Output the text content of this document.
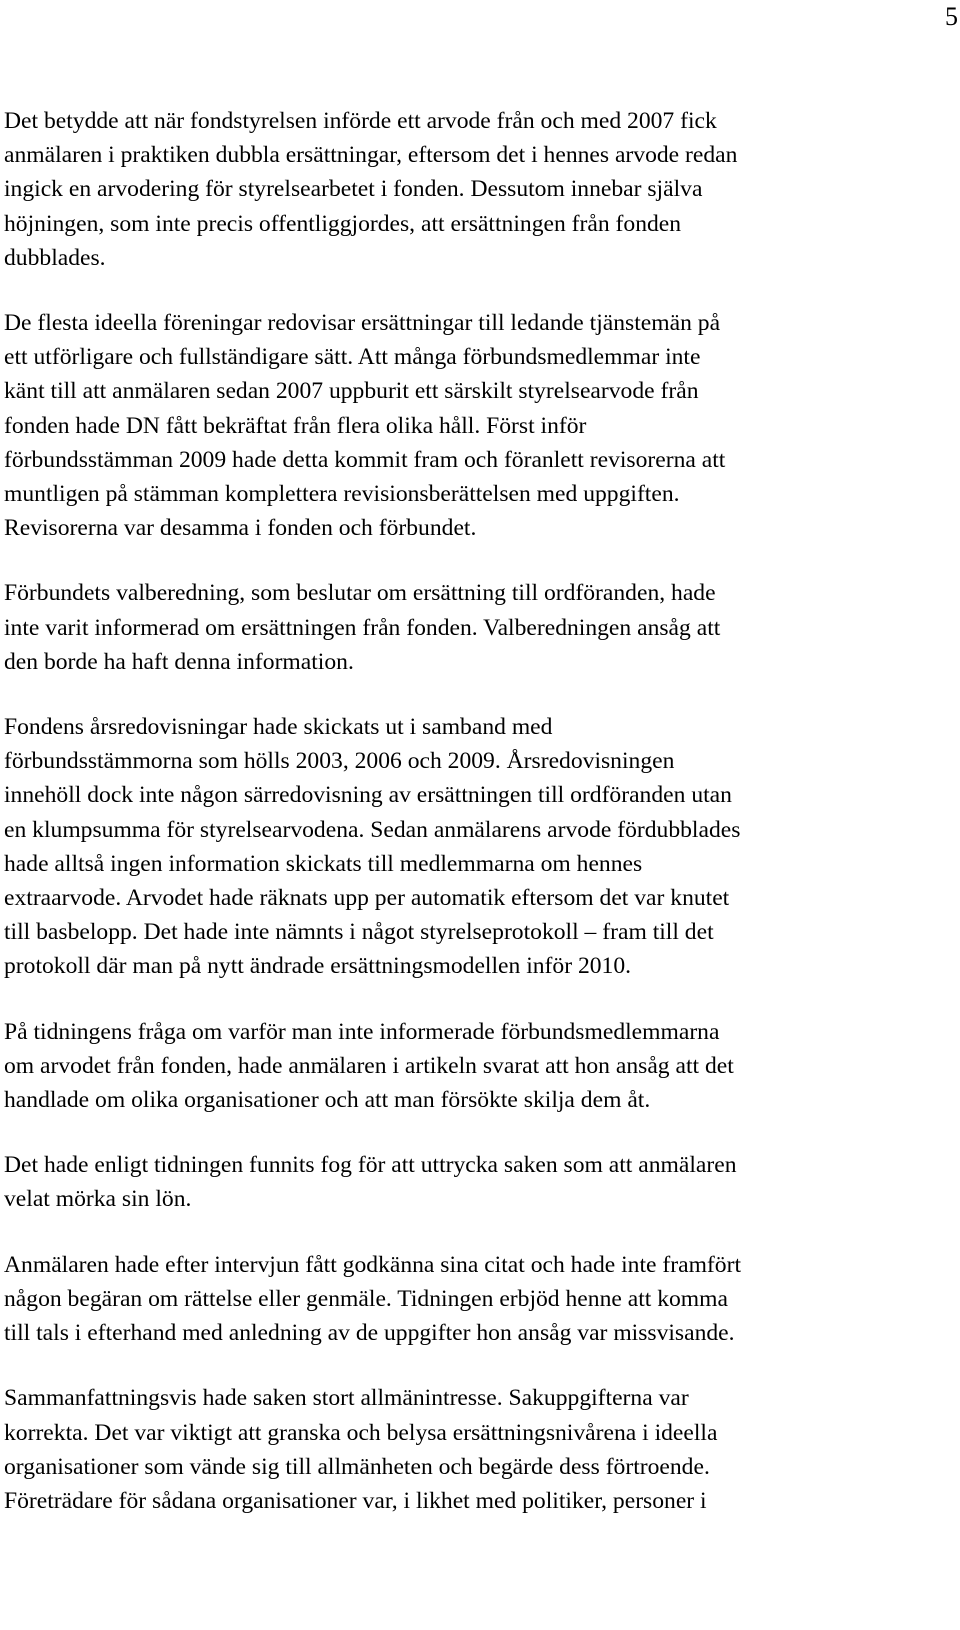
5

Det betydde att när fondstyrelsen införde ett arvode från och med 2007 fick
anmälaren i praktiken dubbla ersättningar, eftersom det i hennes arvode redan
ingick en arvodering för styrelsearbetet i fonden. Dessutom innebar själva
höjningen, som inte precis offentliggjordes, att ersättningen från fonden
dubblades.

De flesta ideella föreningar redovisar ersättningar till ledande tjänstemän på
ett utförligare och fullständigare sätt. Att många förbundsmedlemmar inte
känt till att anmälaren sedan 2007 uppburit ett särskilt styrelsearvode från
fonden hade DN fått bekräftat från flera olika håll. Först inför
förbundsstämman 2009 hade detta kommit fram och föranlett revisorerna att
muntligen på stämman komplettera revisionsberättelsen med uppgiften.
Revisorerna var desamma i fonden och förbundet.

Förbundets valberedning, som beslutar om ersättning till ordföranden, hade
inte varit informerad om ersättningen från fonden. Valberedningen ansåg att
den borde ha haft denna information.

Fondens årsredovisningar hade skickats ut i samband med
förbundsstämmorna som hölls 2003, 2006 och 2009. Årsredovisningen
innehöll dock inte någon särredovisning av ersättningen till ordföranden utan
en klumpsumma för styrelsearvodena. Sedan anmälarens arvode fördubblades
hade alltså ingen information skickats till medlemmarna om hennes
extraarvode. Arvodet hade räknats upp per automatik eftersom det var knutet
till basbelopp. Det hade inte nämnts i något styrelseprotokoll – fram till det
protokoll där man på nytt ändrade ersättningsmodellen inför 2010.

På tidningens fråga om varför man inte informerade förbundsmedlemmarna
om arvodet från fonden, hade anmälaren i artikeln svarat att hon ansåg att det
handlade om olika organisationer och att man försökte skilja dem åt.

Det hade enligt tidningen funnits fog för att uttrycka saken som att anmälaren
velat mörka sin lön.

Anmälaren hade efter intervjun fått godkänna sina citat och hade inte framfört
någon begäran om rättelse eller genmäle. Tidningen erbjöd henne att komma
till tals i efterhand med anledning av de uppgifter hon ansåg var missvisande.

Sammanfattningsvis hade saken stort allmänintresse. Sakuppgifterna var
korrekta. Det var viktigt att granska och belysa ersättningsnivårena i ideella
organisationer som vände sig till allmänheten och begärde dess förtroende.
Företrädare för sådana organisationer var, i likhet med politiker, personer i
